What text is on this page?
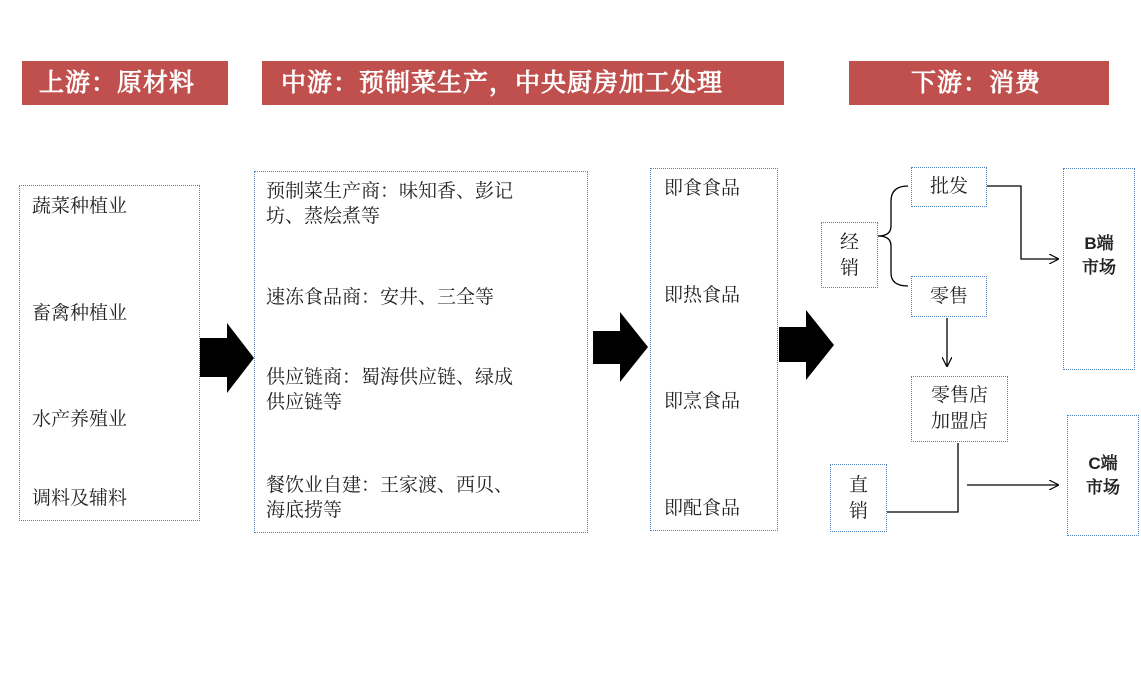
上游：原材料	中游：预制菜生产，中央厨房加工处理	下游：消费
蔬菜种植业
畜禽种植业
水产养殖业
调料及辅料
预制菜生产商：味知香、彭记
坊、蒸烩煮等
速冻食品商：安井、三全等
供应链商：蜀海供应链、绿成
供应链等
餐饮业自建：王家渡、西贝、
海底捞等
即食食品
即热食品
即烹食品
即配食品
经
销
批发
零售
零售店
加盟店
直
销
B端
市场
C端
市场
